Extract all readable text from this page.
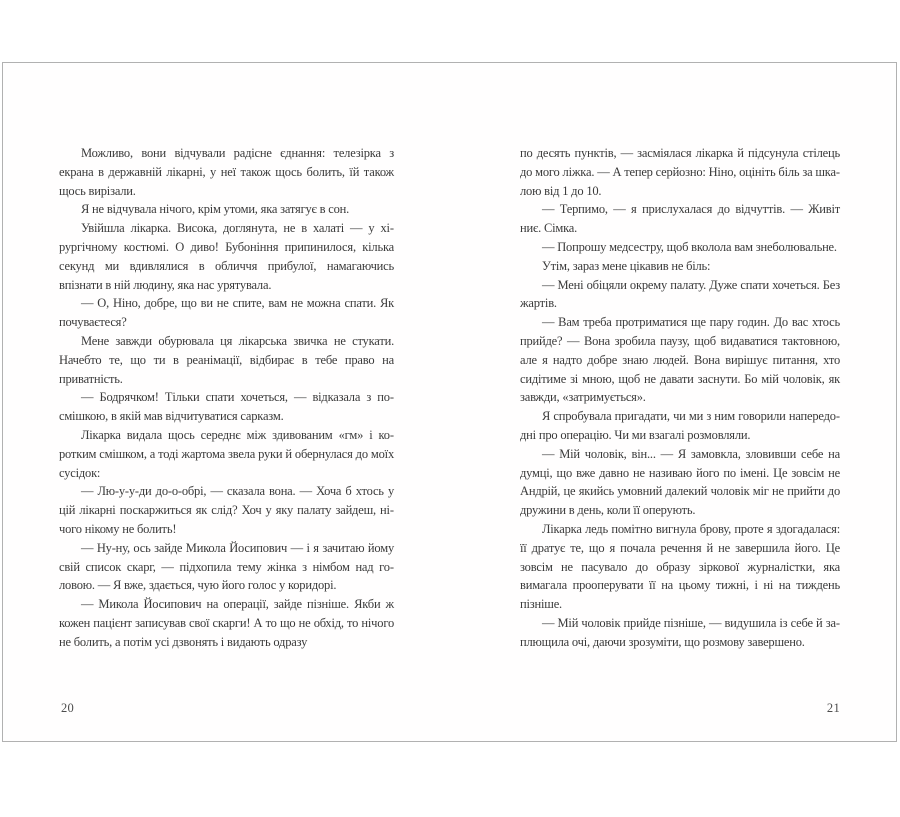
Можливо, вони відчували радісне єднання: телезірка з екрана в державній лікарні, у неї також щось болить, їй також щось вирізали.

Я не відчувала нічого, крім утоми, яка затягує в сон.

Увійшла лікарка. Висока, доглянута, не в халаті — у хірургічному костюмі. О диво! Бубоніння припинилося, кілька секунд ми вдивлялися в обличчя прибулої, намагаючись впізнати в ній людину, яка нас урятувала.

— О, Ніно, добре, що ви не спите, вам не можна спати. Як почуваєтеся?

Мене завжди обурювала ця лікарська звичка не стукати. Начебто те, що ти в реанімації, відбирає в тебе право на приватність.

— Бодрячком! Тільки спати хочеться, — відказала з посмішкою, в якій мав відчитуватися сарказм.

Лікарка видала щось середнє між здивованим «гм» і коротким смішком, а тоді жартома звела руки й обернулася до моїх сусідок:

— Лю-у-у-ди до-о-обрі, — сказала вона. — Хоча б хтось у цій лікарні поскаржиться як слід? Хоч у яку палату зайдеш, нічого нікому не болить!

— Ну-ну, ось зайде Микола Йосипович — і я зачитаю йому свій список скарг, — підхопила тему жінка з німбом над головою. — Я вже, здається, чую його голос у коридорі.

— Микола Йосипович на операції, зайде пізніше. Якби ж кожен пацієнт записував свої скарги! А то що не обхід, то нічого не болить, а потім усі дзвонять і видають одразу

по десять пунктів, — засміялася лікарка й підсунула стілець до мого ліжка. — А тепер серйозно: Ніно, оцініть біль за шкалою від 1 до 10.

— Терпимо, — я прислухалася до відчуттів. — Живіт ниє. Сімка.

— Попрошу медсестру, щоб вколола вам знеболювальне.

Утім, зараз мене цікавив не біль:

— Мені обіцяли окрему палату. Дуже спати хочеться. Без жартів.

— Вам треба протриматися ще пару годин. До вас хтось прийде? — Вона зробила паузу, щоб видаватися тактовною, але я надто добре знаю людей. Вона вирішує питання, хто сидітиме зі мною, щоб не давати заснути. Бо мій чоловік, як завжди, «затримується».

Я спробувала пригадати, чи ми з ним говорили напередодні про операцію. Чи ми взагалі розмовляли.

— Мій чоловік, він... — Я замовкла, зловивши себе на думці, що вже давно не називаю його по імені. Це зовсім не Андрій, це якийсь умовний далекий чоловік міг не прийти до дружини в день, коли її оперують.

Лікарка ледь помітно вигнула брову, проте я здогадалася: її дратує те, що я почала речення й не завершила його. Це зовсім не пасувало до образу зіркової журналістки, яка вимагала прооперувати її на цьому тижні, і ні на тиждень пізніше.

— Мій чоловік прийде пізніше, — видушила із себе й заплющила очі, даючи зрозуміти, що розмову завершено.

20	21
